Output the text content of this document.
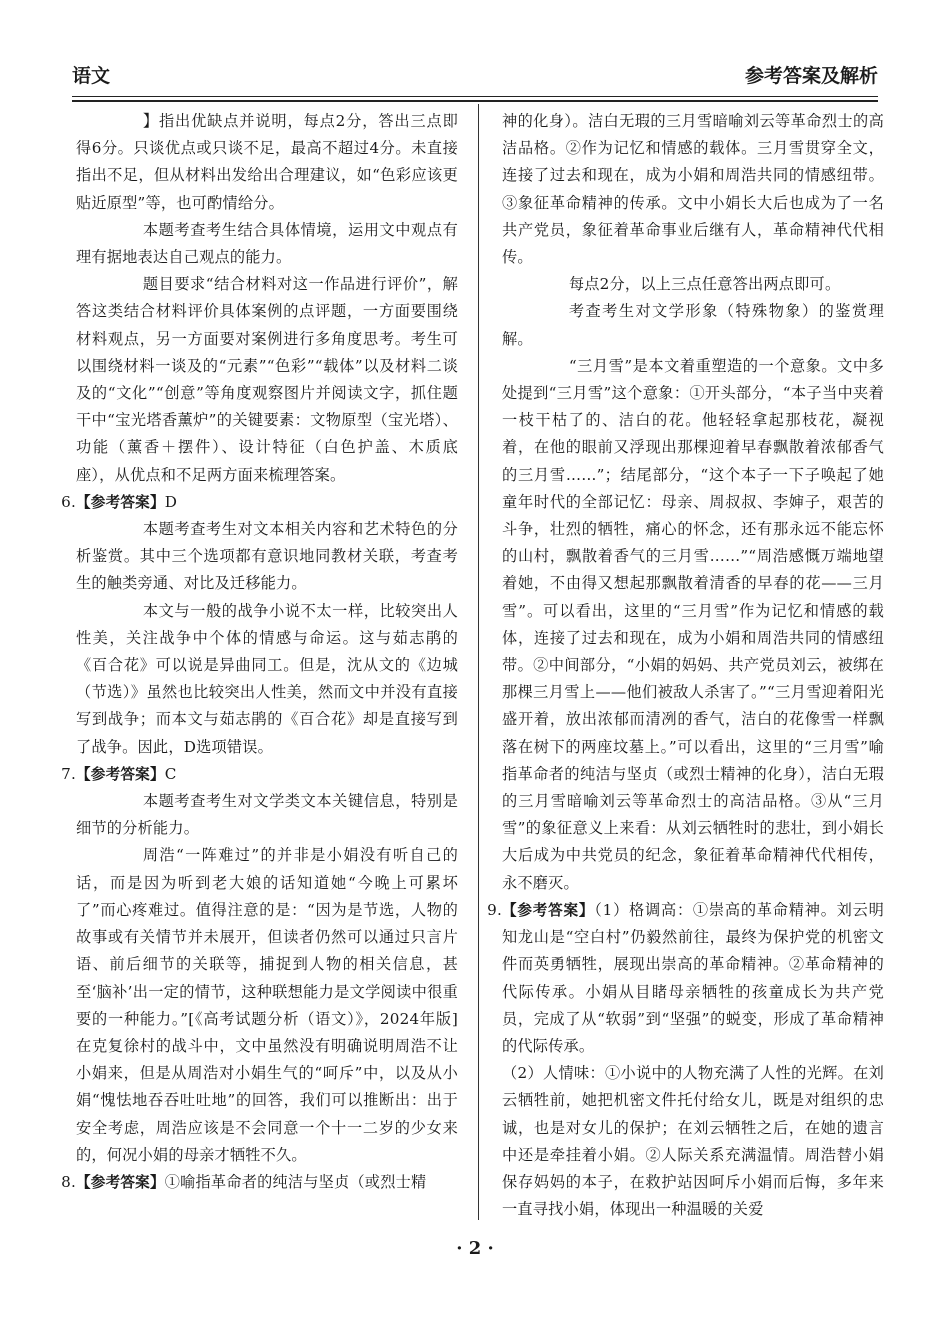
语文	参考答案及解析

】指出优缺点并说明，每点2分，答出三点即得6分。只谈优点或只谈不足，最高不超过4分。未直接指出不足，但从材料出发给出合理建议，如“色彩应该更贴近原型”等，也可酌情给分。

本题考查考生结合具体情境，运用文中观点有理有据地表达自己观点的能力。

题目要求“结合材料对这一作品进行评价”，解答这类结合材料评价具体案例的点评题，一方面要围绕材料观点，另一方面要对案例进行多角度思考。考生可以围绕材料一谈及的“元素”“色彩”“载体”以及材料二谈及的“文化”“创意”等角度观察图片并阅读文字，抓住题干中“宝光塔香薰炉”的关键要素：文物原型（宝光塔）、功能（薰香＋摆件）、设计特征（白色护盖、木质底座），从优点和不足两方面来梳理答案。

6. 【参考答案】D

本题考查考生对文本相关内容和艺术特色的分析鉴赏。其中三个选项都有意识地同教材关联，考查考生的触类旁通、对比及迁移能力。

本文与一般的战争小说不太一样，比较突出人性美，关注战争中个体的情感与命运。这与茹志鹃的《百合花》可以说是异曲同工。但是，沈从文的《边城（节选）》虽然也比较突出人性美，然而文中并没有直接写到战争；而本文与茹志鹃的《百合花》却是直接写到了战争。因此，D选项错误。

7. 【参考答案】C

本题考查考生对文学类文本关键信息，特别是细节的分析能力。

周浩“一阵难过”的并非是小娟没有听自己的话，而是因为听到老大娘的话知道她“今晚上可累坏了”而心疼难过。值得注意的是：“因为是节选，人物的故事或有关情节并未展开，但读者仍然可以通过只言片语、前后细节的关联等，捕捉到人物的相关信息，甚至‘脑补’出一定的情节，这种联想能力是文学阅读中很重要的一种能力。”[《高考试题分析（语文）》，2024年版]在克复徐村的战斗中，文中虽然没有明确说明周浩不让小娟来，但是从周浩对小娟生气的“呵斥”中，以及从小娟“愧怯地吞吞吐吐地”的回答，我们可以推断出：出于安全考虑，周浩应该是不会同意一个十一二岁的少女来的，何况小娟的母亲才牺牲不久。

8. 【参考答案】①喻指革命者的纯洁与坚贞（或烈士精

神的化身）。洁白无瑕的三月雪暗喻刘云等革命烈士的高洁品格。②作为记忆和情感的载体。三月雪贯穿全文，连接了过去和现在，成为小娟和周浩共同的情感纽带。③象征革命精神的传承。文中小娟长大后也成为了一名共产党员，象征着革命事业后继有人，革命精神代代相传。

每点2分，以上三点任意答出两点即可。

考查考生对文学形象（特殊物象）的鉴赏理解。

“三月雪”是本文着重塑造的一个意象。文中多处提到“三月雪”这个意象：①开头部分，“本子当中夹着一枝干枯了的、洁白的花。他轻轻拿起那枝花，凝视着，在他的眼前又浮现出那棵迎着早春飘散着浓郁香气的三月雪……”；结尾部分，“这个本子一下子唤起了她童年时代的全部记忆：母亲、周叔叔、李婶子，艰苦的斗争，壮烈的牺牲，痛心的怀念，还有那永远不能忘怀的山村，飘散着香气的三月雪……”“周浩感慨万端地望着她，不由得又想起那飘散着清香的早春的花——三月雪”。可以看出，这里的“三月雪”作为记忆和情感的载体，连接了过去和现在，成为小娟和周浩共同的情感纽带。②中间部分，“小娟的妈妈、共产党员刘云，被绑在那棵三月雪上——他们被敌人杀害了。”“三月雪迎着阳光盛开着，放出浓郁而清冽的香气，洁白的花像雪一样飘落在树下的两座坟墓上。”可以看出，这里的“三月雪”喻指革命者的纯洁与坚贞（或烈士精神的化身），洁白无瑕的三月雪暗喻刘云等革命烈士的高洁品格。③从“三月雪”的象征意义上来看：从刘云牺牲时的悲壮，到小娟长大后成为中共党员的纪念，象征着革命精神代代相传，永不磨灭。

9. 【参考答案】（1）格调高：①崇高的革命精神。刘云明知龙山是“空白村”仍毅然前往，最终为保护党的机密文件而英勇牺牲，展现出崇高的革命精神。②革命精神的代际传承。小娟从目睹母亲牺牲的孩童成长为共产党员，完成了从“软弱”到“坚强”的蜕变，形成了革命精神的代际传承。

（2）人情味：①小说中的人物充满了人性的光辉。在刘云牺牲前，她把机密文件托付给女儿，既是对组织的忠诚，也是对女儿的保护；在刘云牺牲之后，在她的遗言中还是牵挂着小娟。②人际关系充满温情。周浩替小娟保存妈妈的本子，在救护站因呵斥小娟而后悔，多年来一直寻找小娟，体现出一种温暖的关爱

· 2 ·
